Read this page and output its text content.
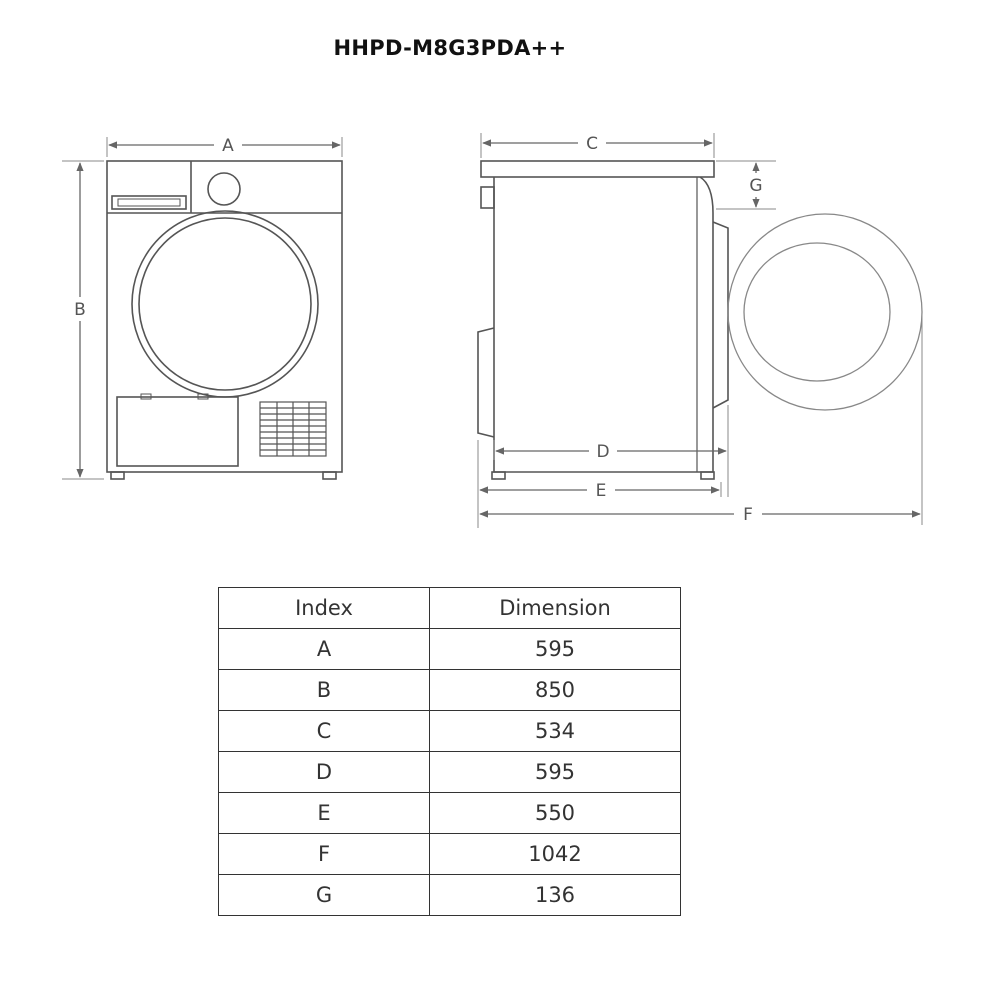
HHPD-M8G3PDA++
A
B
C
G
D
E
F
Index	Dimension
A	595
B	850
C	534
D	595
E	550
F	1042
G	136
